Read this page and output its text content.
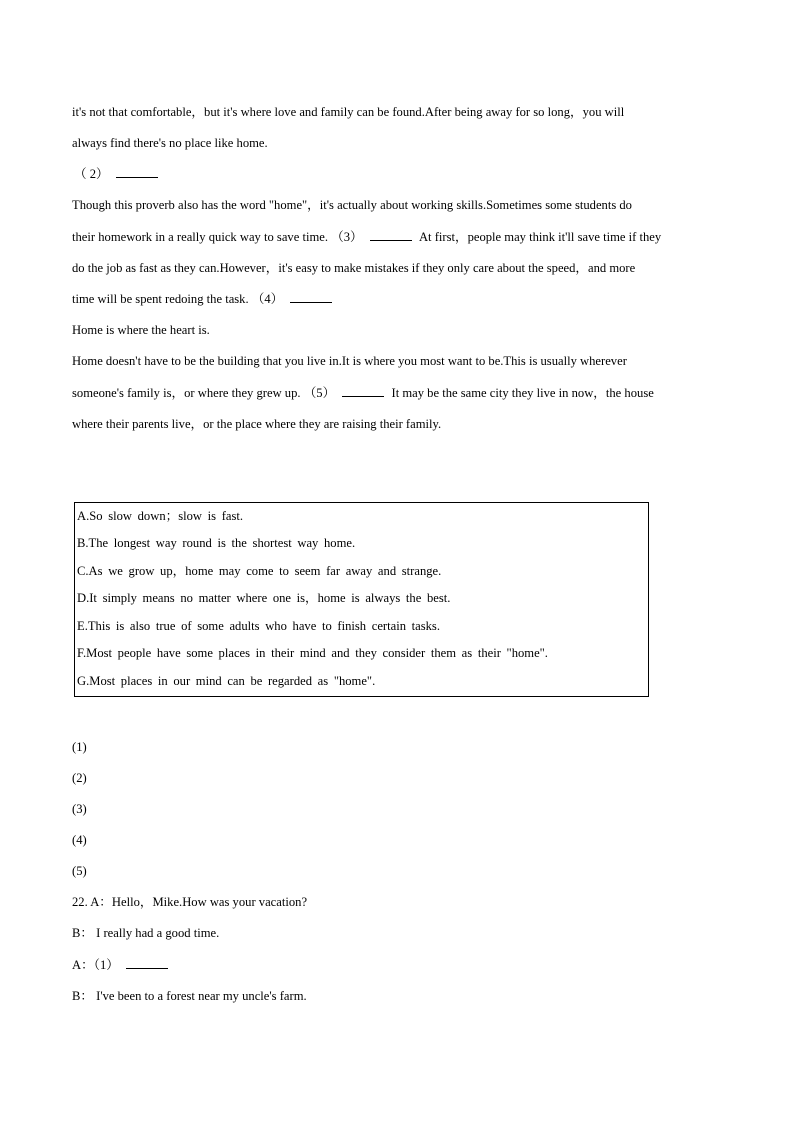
it's not that comfortable，but it's where love and family can be found.After being away for so long，you will
always find there's no place like home.
（ 2）
Though this proverb also has the word "home"，it's actually about working skills.Sometimes some students do
their homework in a really quick way to save time. （3）	At first，people may think it'll save time if they
do the job as fast as they can.However，it's easy to make mistakes if they only care about the speed，and more
time will be spent redoing the task. （4）
Home is where the heart is.
Home doesn't have to be the building that you live in.It is where you most want to be.This is usually wherever
someone's family is，or where they grew up. （5）	It may be the same city they live in now，the house
where their parents live，or the place where they are raising their family.
A.So slow down；slow is fast.
B.The longest way round is the shortest way home.
C.As we grow up，home may come to seem far away and strange.
D.It simply means no matter where one is，home is always the best.
E.This is also true of some adults who have to finish certain tasks.
F.Most people have some places in their mind and they consider them as their "home".
G.Most places in our mind can be regarded as "home".
(1)
(2)
(3)
(4)
(5)
22. A：Hello，Mike.How was your vacation?
B： I really had a good time.
A：（1）
B： I've been to a forest near my uncle's farm.
